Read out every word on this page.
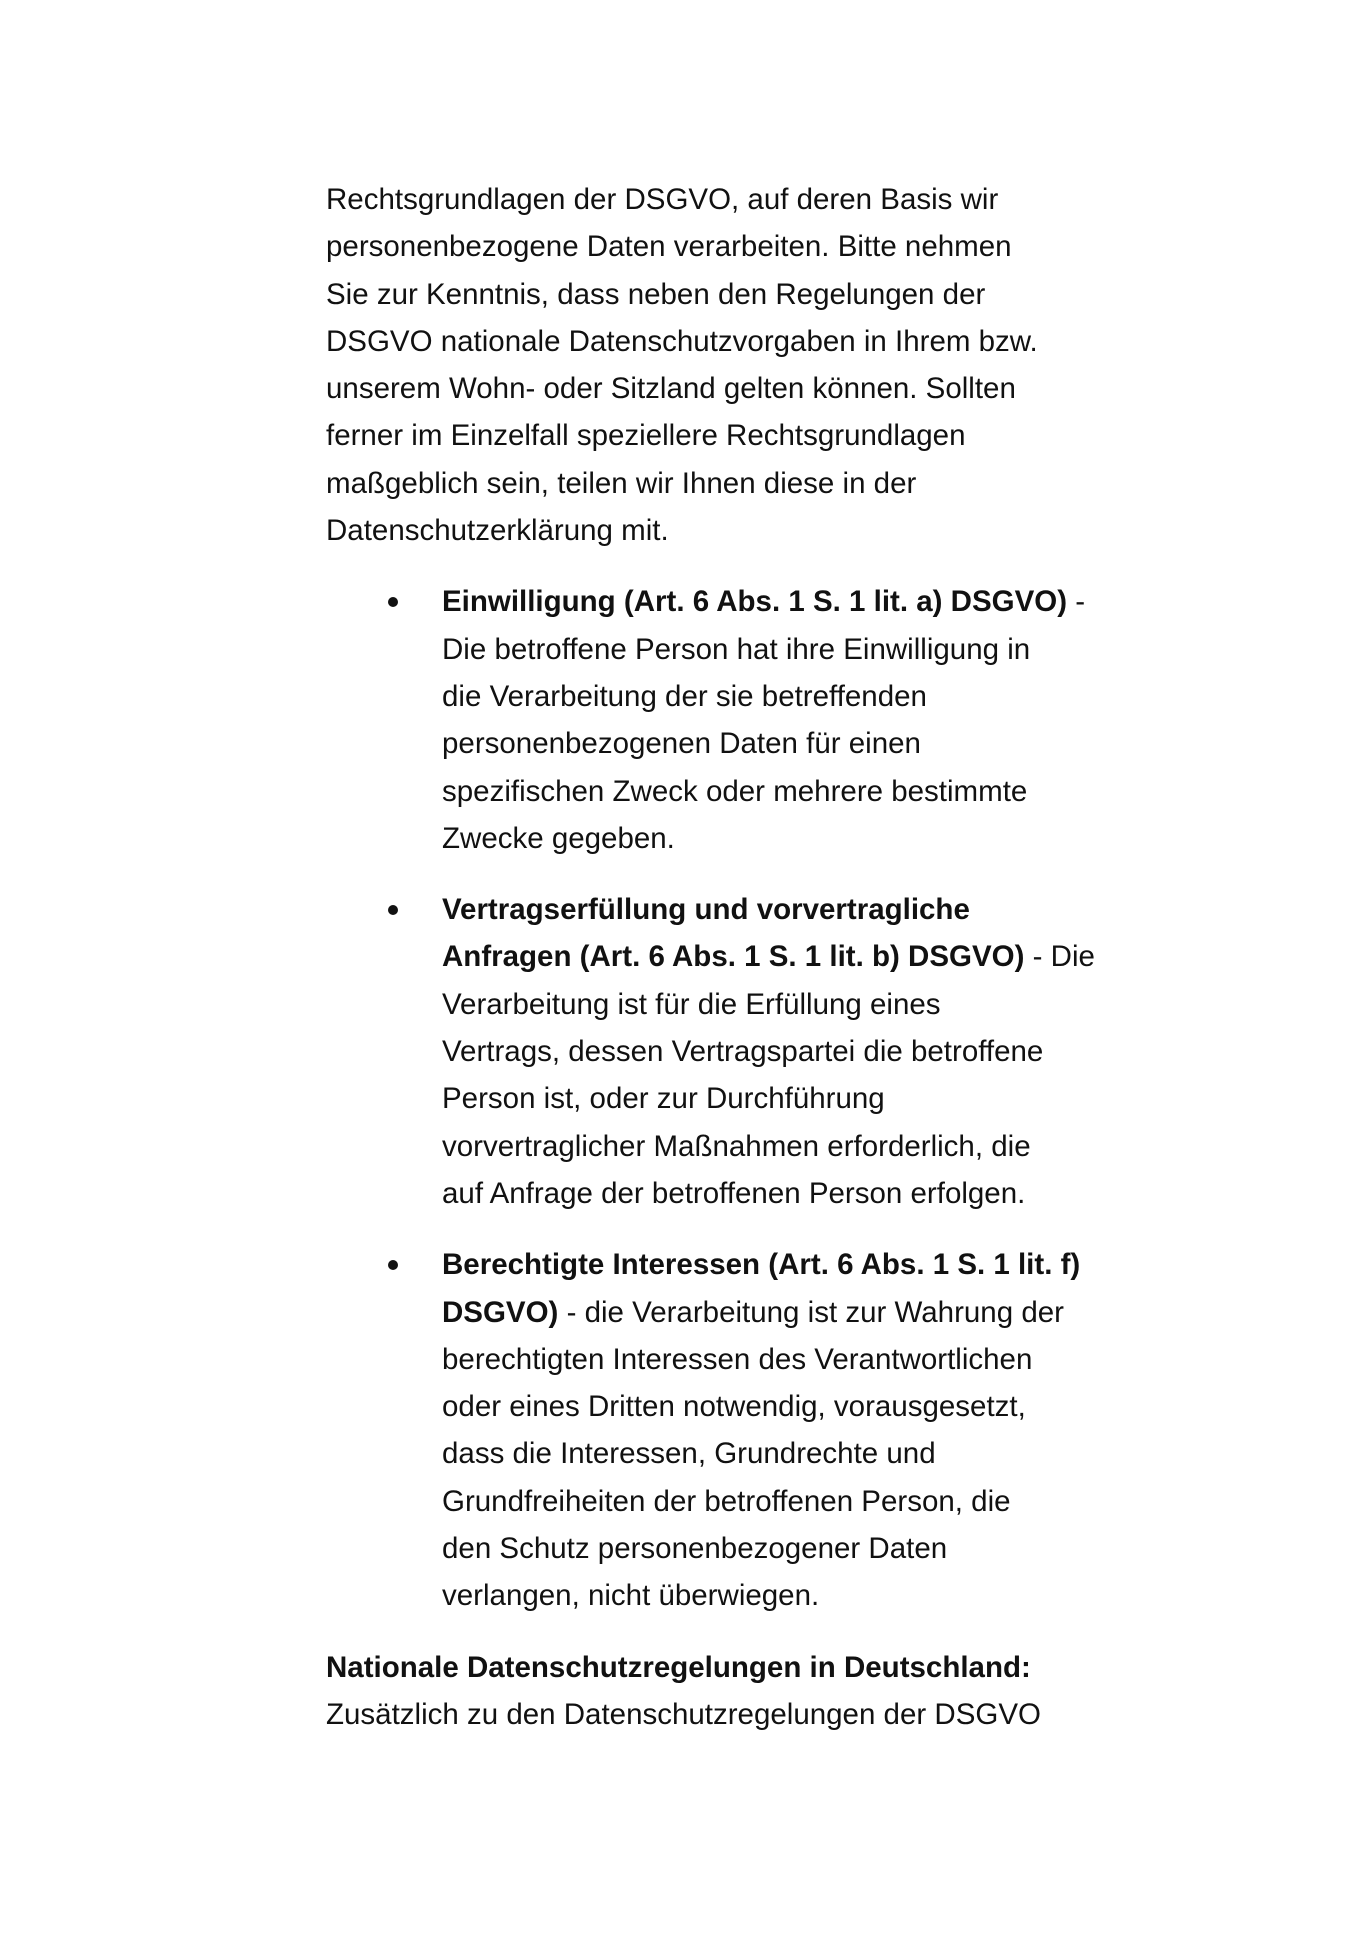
Rechtsgrundlagen der DSGVO, auf deren Basis wir
personenbezogene Daten verarbeiten. Bitte nehmen
Sie zur Kenntnis, dass neben den Regelungen der
DSGVO nationale Datenschutzvorgaben in Ihrem bzw.
unserem Wohn- oder Sitzland gelten können. Sollten
ferner im Einzelfall speziellere Rechtsgrundlagen
maßgeblich sein, teilen wir Ihnen diese in der
Datenschutzerklärung mit.

Einwilligung (Art. 6 Abs. 1 S. 1 lit. a) DSGVO) -
Die betroffene Person hat ihre Einwilligung in
die Verarbeitung der sie betreffenden
personenbezogenen Daten für einen
spezifischen Zweck oder mehrere bestimmte
Zwecke gegeben.
Vertragserfüllung und vorvertragliche
Anfragen (Art. 6 Abs. 1 S. 1 lit. b) DSGVO) - Die
Verarbeitung ist für die Erfüllung eines
Vertrags, dessen Vertragspartei die betroffene
Person ist, oder zur Durchführung
vorvertraglicher Maßnahmen erforderlich, die
auf Anfrage der betroffenen Person erfolgen.
Berechtigte Interessen (Art. 6 Abs. 1 S. 1 lit. f)
DSGVO) - die Verarbeitung ist zur Wahrung der
berechtigten Interessen des Verantwortlichen
oder eines Dritten notwendig, vorausgesetzt,
dass die Interessen, Grundrechte und
Grundfreiheiten der betroffenen Person, die
den Schutz personenbezogener Daten
verlangen, nicht überwiegen.

Nationale Datenschutzregelungen in Deutschland:

Zusätzlich zu den Datenschutzregelungen der DSGVO
